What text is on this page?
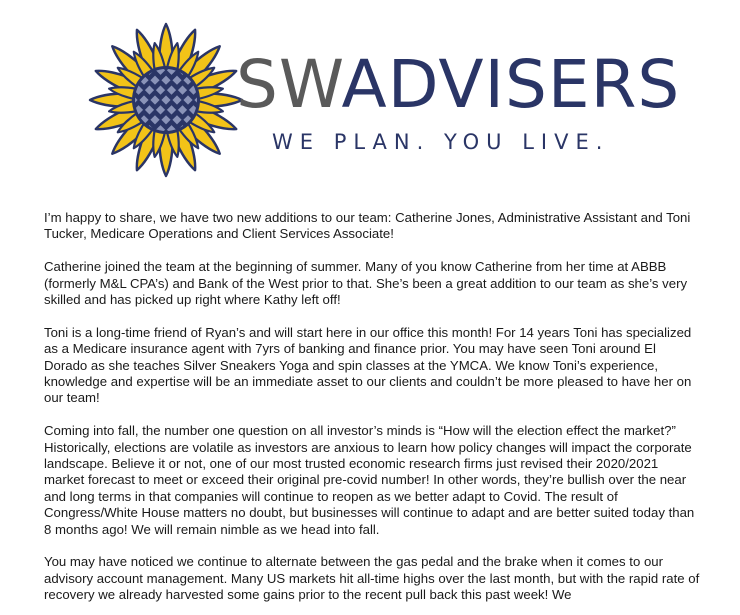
SWADVISERS
WE PLAN. YOU LIVE.

I’m happy to share, we have two new additions to our team: Catherine Jones, Administrative Assistant and Toni Tucker, Medicare Operations and Client Services Associate!

Catherine joined the team at the beginning of summer. Many of you know Catherine from her time at ABBB (formerly M&L CPA’s) and Bank of the West prior to that. She’s been a great addition to our team as she’s very skilled and has picked up right where Kathy left off!

Toni is a long-time friend of Ryan’s and will start here in our office this month! For 14 years Toni has specialized as a Medicare insurance agent with 7yrs of banking and finance prior. You may have seen Toni around El Dorado as she teaches Silver Sneakers Yoga and spin classes at the YMCA. We know Toni’s experience, knowledge and expertise will be an immediate asset to our clients and couldn’t be more pleased to have her on our team!

Coming into fall, the number one question on all investor’s minds is “How will the election effect the market?” Historically, elections are volatile as investors are anxious to learn how policy changes will impact the corporate landscape. Believe it or not, one of our most trusted economic research firms just revised their 2020/2021 market forecast to meet or exceed their original pre-covid number! In other words, they’re bullish over the near and long terms in that companies will continue to reopen as we better adapt to Covid. The result of Congress/White House matters no doubt, but businesses will continue to adapt and are better suited today than 8 months ago! We will remain nimble as we head into fall.

You may have noticed we continue to alternate between the gas pedal and the brake when it comes to our advisory account management. Many US markets hit all-time highs over the last month, but with the rapid rate of recovery we already harvested some gains prior to the recent pull back this past week! We
